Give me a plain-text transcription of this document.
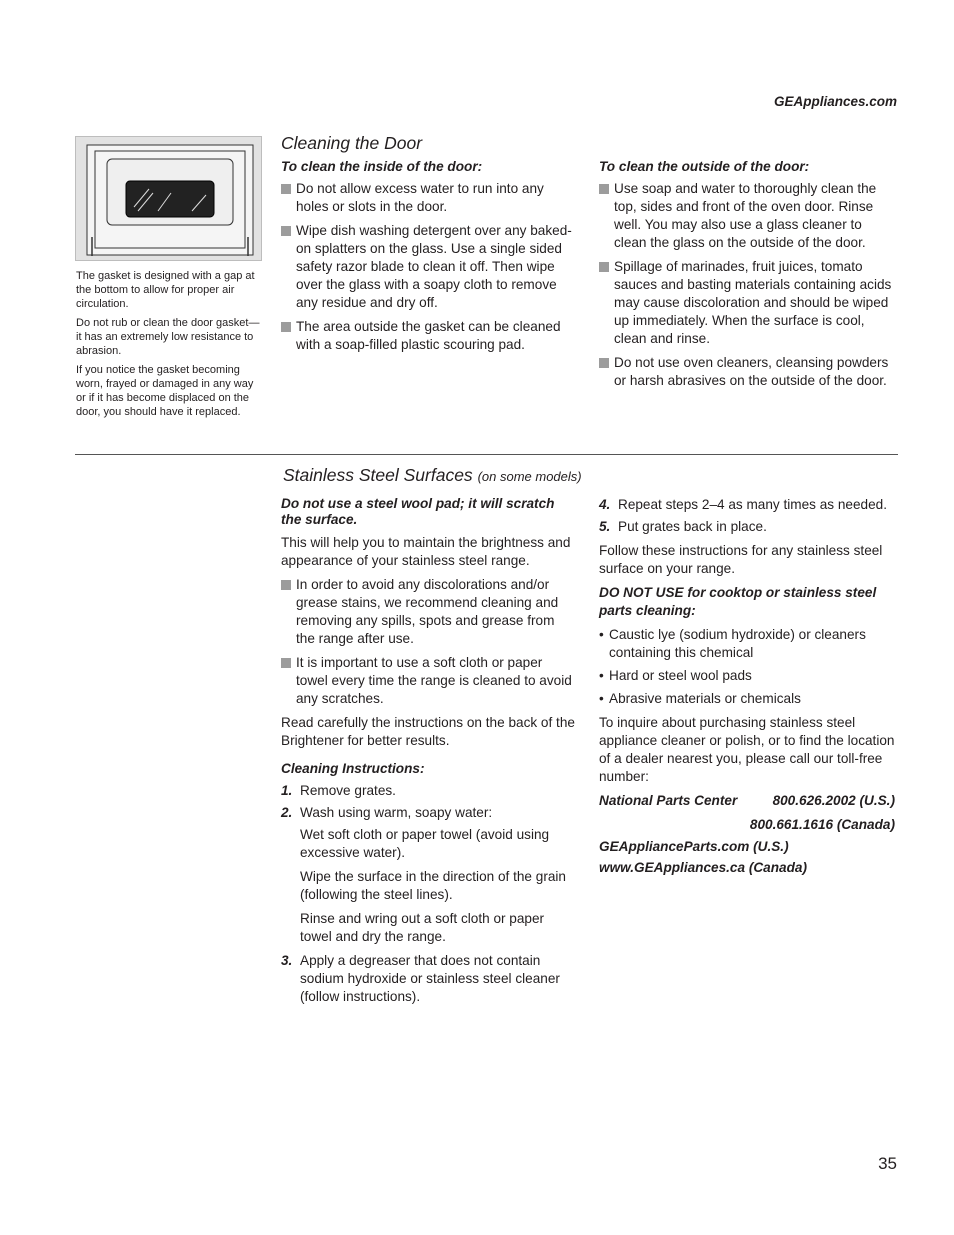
GEAppliances.com

The gasket is designed with a gap at the bottom to allow for proper air circulation.

Do not rub or clean the door gasket—it has an extremely low resistance to abrasion.

If you notice the gasket becoming worn, frayed or damaged in any way or if it has become displaced on the door, you should have it replaced.

Cleaning the Door
To clean the inside of the door:
Do not allow excess water to run into any holes or slots in the door.
Wipe dish washing detergent over any baked-on splatters on the glass. Use a single sided safety razor blade to clean it off. Then wipe over the glass with a soapy cloth to remove any residue and dry off.
The area outside the gasket can be cleaned with a soap-filled plastic scouring pad.
To clean the outside of the door:
Use soap and water to thoroughly clean the top, sides and front of the oven door. Rinse well. You may also use a glass cleaner to clean the glass on the outside of the door.
Spillage of marinades, fruit juices, tomato sauces and basting materials containing acids may cause discoloration and should be wiped up immediately. When the surface is cool, clean and rinse.
Do not use oven cleaners, cleansing powders or harsh abrasives on the outside of the door.
Stainless Steel Surfaces (on some models)

Do not use a steel wool pad; it will scratch the surface.

This will help you to maintain the brightness and appearance of your stainless steel range.

In order to avoid any discolorations and/or grease stains, we recommend cleaning and removing any spills, spots and grease from the range after use.
It is important to use a soft cloth or paper towel every time the range is cleaned to avoid any scratches.

Read carefully the instructions on the back of the Brightener for better results.

Cleaning Instructions:
1. Remove grates.
2. Wash using warm, soapy water:

Wet soft cloth or paper towel (avoid using excessive water).

Wipe the surface in the direction of the grain (following the steel lines).

Rinse and wring out a soft cloth or paper towel and dry the range.

3. Apply a degreaser that does not contain sodium hydroxide or stainless steel cleaner (follow instructions).
4. Repeat steps 2–4 as many times as needed.
5. Put grates back in place.

Follow these instructions for any stainless steel surface on your range.

DO NOT USE for cooktop or stainless steel parts cleaning:

• Caustic lye (sodium hydroxide) or cleaners containing this chemical
• Hard or steel wool pads
• Abrasive materials or chemicals

To inquire about purchasing stainless steel appliance cleaner or polish, or to find the location of a dealer nearest you, please call our toll-free number:

National Parts Center	800.626.2002 (U.S.)
800.661.1616 (Canada)
GEApplianceParts.com (U.S.)
www.GEAppliances.ca (Canada)
35
